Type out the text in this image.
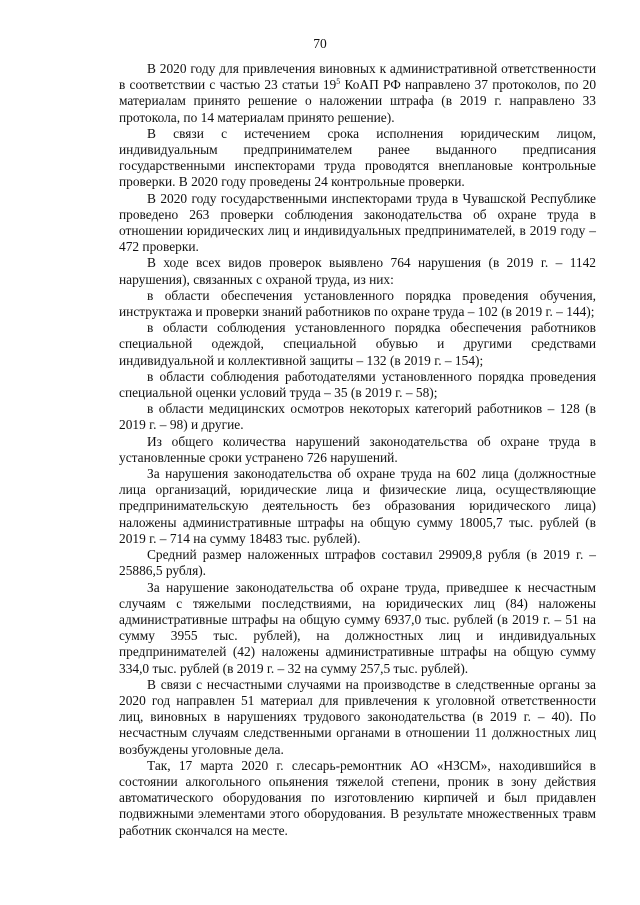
70

В 2020 году для привлечения виновных к административной ответственности в соответствии с частью 23 статьи $19^5$ КоАП РФ направлено 37 протоколов, по 20 материалам принято решение о наложении штрафа (в 2019 г. направлено 33 протокола, по 14 материалам принято решение).

В связи с истечением срока исполнения юридическим лицом, индивидуальным предпринимателем ранее выданного предписания государственными инспекторами труда проводятся внеплановые контрольные проверки. В 2020 году проведены 24 контрольные проверки.

В 2020 году государственными инспекторами труда в Чувашской Республике проведено 263 проверки соблюдения законодательства об охране труда в отношении юридических лиц и индивидуальных предпринимателей, в 2019 году – 472 проверки.

В ходе всех видов проверок выявлено 764 нарушения (в 2019 г. – 1142 нарушения), связанных с охраной труда, из них:

в области обеспечения установленного порядка проведения обучения, инструктажа и проверки знаний работников по охране труда – 102 (в 2019 г. – 144);

в области соблюдения установленного порядка обеспечения работников специальной одеждой, специальной обувью и другими средствами индивидуальной и коллективной защиты – 132 (в 2019 г. – 154);

в области соблюдения работодателями установленного порядка проведения специальной оценки условий труда – 35 (в 2019 г. – 58);

в области медицинских осмотров некоторых категорий работников – 128 (в 2019 г. – 98) и другие.

Из общего количества нарушений законодательства об охране труда в установленные сроки устранено 726 нарушений.

За нарушения законодательства об охране труда на 602 лица (должностные лица организаций, юридические лица и физические лица, осуществляющие предпринимательскую деятельность без образования юридического лица) наложены административные штрафы на общую сумму 18005,7 тыс. рублей (в 2019 г. – 714 на сумму 18483 тыс. рублей).

Средний размер наложенных штрафов составил 29909,8 рубля (в 2019 г. – 25886,5 рубля).

За нарушение законодательства об охране труда, приведшее к несчастным случаям с тяжелыми последствиями, на юридических лиц (84) наложены административные штрафы на общую сумму 6937,0 тыс. рублей (в 2019 г. – 51 на сумму 3955 тыс. рублей), на должностных лиц и индивидуальных предпринимателей (42) наложены административные штрафы на общую сумму 334,0 тыс. рублей (в 2019 г. – 32 на сумму 257,5 тыс. рублей).

В связи с несчастными случаями на производстве в следственные органы за 2020 год направлен 51 материал для привлечения к уголовной ответственности лиц, виновных в нарушениях трудового законодательства (в 2019 г. – 40). По несчастным случаям следственными органами в отношении 11 должностных лиц возбуждены уголовные дела.

Так, 17 марта 2020 г. слесарь-ремонтник АО «НЗСМ», находившийся в состоянии алкогольного опьянения тяжелой степени, проник в зону действия автоматического оборудования по изготовлению кирпичей и был придавлен подвижными элементами этого оборудования. В результате множественных травм работник скончался на месте.
